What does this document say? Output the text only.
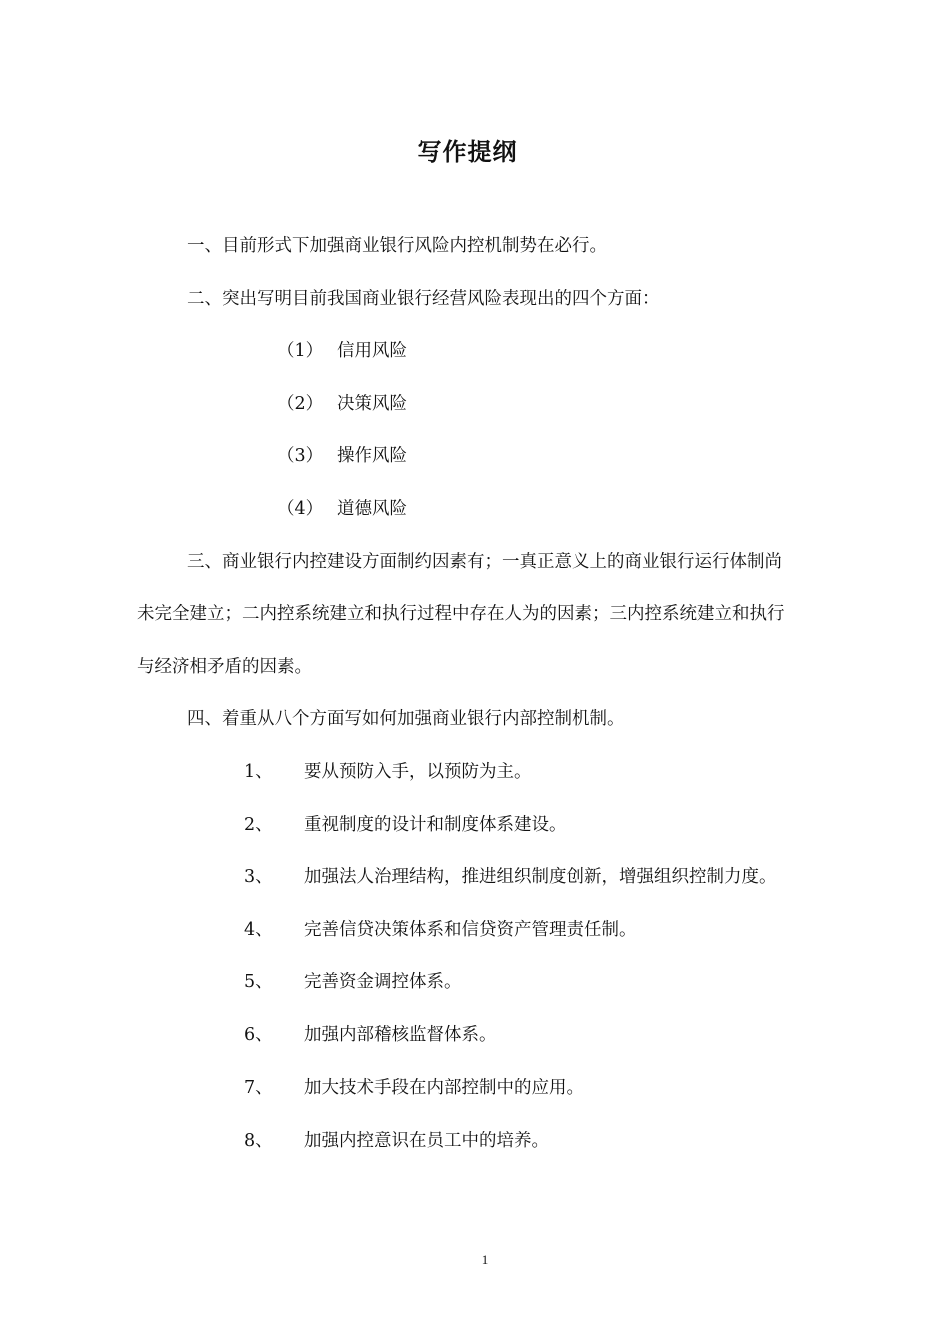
写作提纲
一、目前形式下加强商业银行风险内控机制势在必行。
二、突出写明目前我国商业银行经营风险表现出的四个方面：
（1） 信用风险
（2） 决策风险
（3） 操作风险
（4） 道德风险
三、商业银行内控建设方面制约因素有；一真正意义上的商业银行运行体制尚
未完全建立；二内控系统建立和执行过程中存在人为的因素；三内控系统建立和执行
与经济相矛盾的因素。
四、着重从八个方面写如何加强商业银行内部控制机制。
1、 要从预防入手，以预防为主。
2、 重视制度的设计和制度体系建设。
3、 加强法人治理结构，推进组织制度创新，增强组织控制力度。
4、 完善信贷决策体系和信贷资产管理责任制。
5、 完善资金调控体系。
6、 加强内部稽核监督体系。
7、 加大技术手段在内部控制中的应用。
8、 加强内控意识在员工中的培养。
1
